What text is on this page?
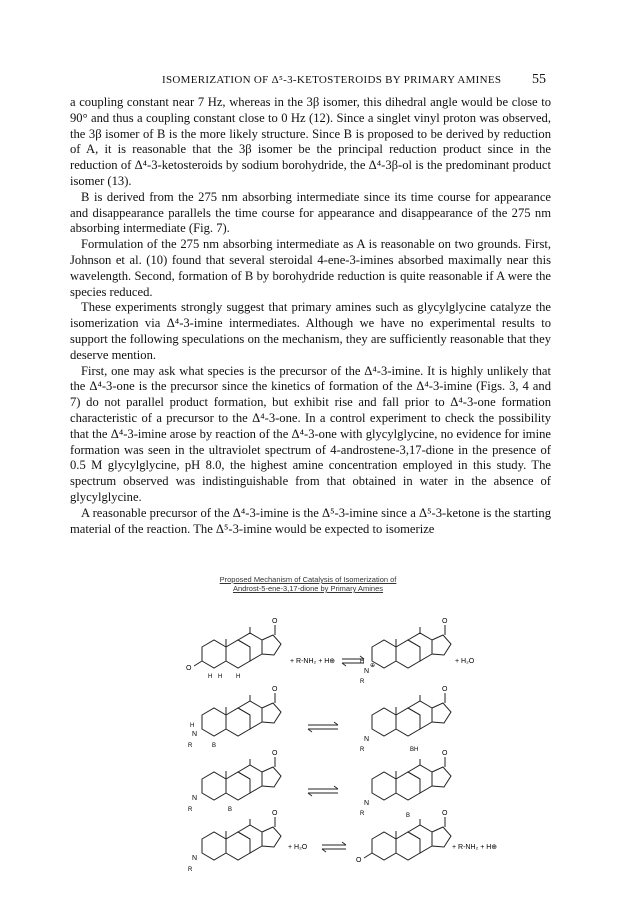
ISOMERIZATION OF Δ⁵-3-KETOSTEROIDS BY PRIMARY AMINES 55

a coupling constant near 7 Hz, whereas in the 3β isomer, this dihedral angle would be close to 90° and thus a coupling constant close to 0 Hz (12). Since a singlet vinyl proton was observed, the 3β isomer of B is the more likely structure. Since B is proposed to be derived by reduction of A, it is reasonable that the 3β isomer be the principal reduction product since in the reduction of Δ⁴-3-ketosteroids by sodium borohydride, the Δ⁴-3β-ol is the predominant product isomer (13).

B is derived from the 275 nm absorbing intermediate since its time course for appearance and disappearance parallels the time course for appearance and disappearance of the 275 nm absorbing intermediate (Fig. 7).

Formulation of the 275 nm absorbing intermediate as A is reasonable on two grounds. First, Johnson et al. (10) found that several steroidal 4-ene-3-imines absorbed maximally near this wavelength. Second, formation of B by borohydride reduction is quite reasonable if A were the species reduced.

These experiments strongly suggest that primary amines such as glycylglycine catalyze the isomerization via Δ⁴-3-imine intermediates. Although we have no experimental results to support the following speculations on the mechanism, they are sufficiently reasonable that they deserve mention.

First, one may ask what species is the precursor of the Δ⁴-3-imine. It is highly unlikely that the Δ⁴-3-one is the precursor since the kinetics of formation of the Δ⁴-3-imine (Figs. 3, 4 and 7) do not parallel product formation, but exhibit rise and fall prior to Δ⁴-3-one formation characteristic of a precursor to the Δ⁴-3-one. In a control experiment to check the possibility that the Δ⁴-3-imine arose by reaction of the Δ⁴-3-one with glycylglycine, no evidence for imine formation was seen in the ultraviolet spectrum of 4-androstene-3,17-dione in the presence of 0.5 M glycylglycine, pH 8.0, the highest amine concentration employed in this study. The spectrum observed was indistinguishable from that obtained in water in the absence of glycylglycine.

A reasonable precursor of the Δ⁴-3-imine is the Δ⁵-3-imine since a Δ⁵-3-ketone is the starting material of the reaction. The Δ⁵-3-imine would be expected to isomerize

Proposed Mechanism of Catalysis of Isomerization of
Androst-5-ene-3,17-dione by Primary Amines
O
O
H H H
+ R-NH₂ + H⊕
O
N
⊕
H
R
+ H₂O
O
N
H
R	B
O
N
R	BH
O
N
R	B
O
N
R	B
O
N
R
+ H₂O
O
O
+ R-NH₂ + H⊕
